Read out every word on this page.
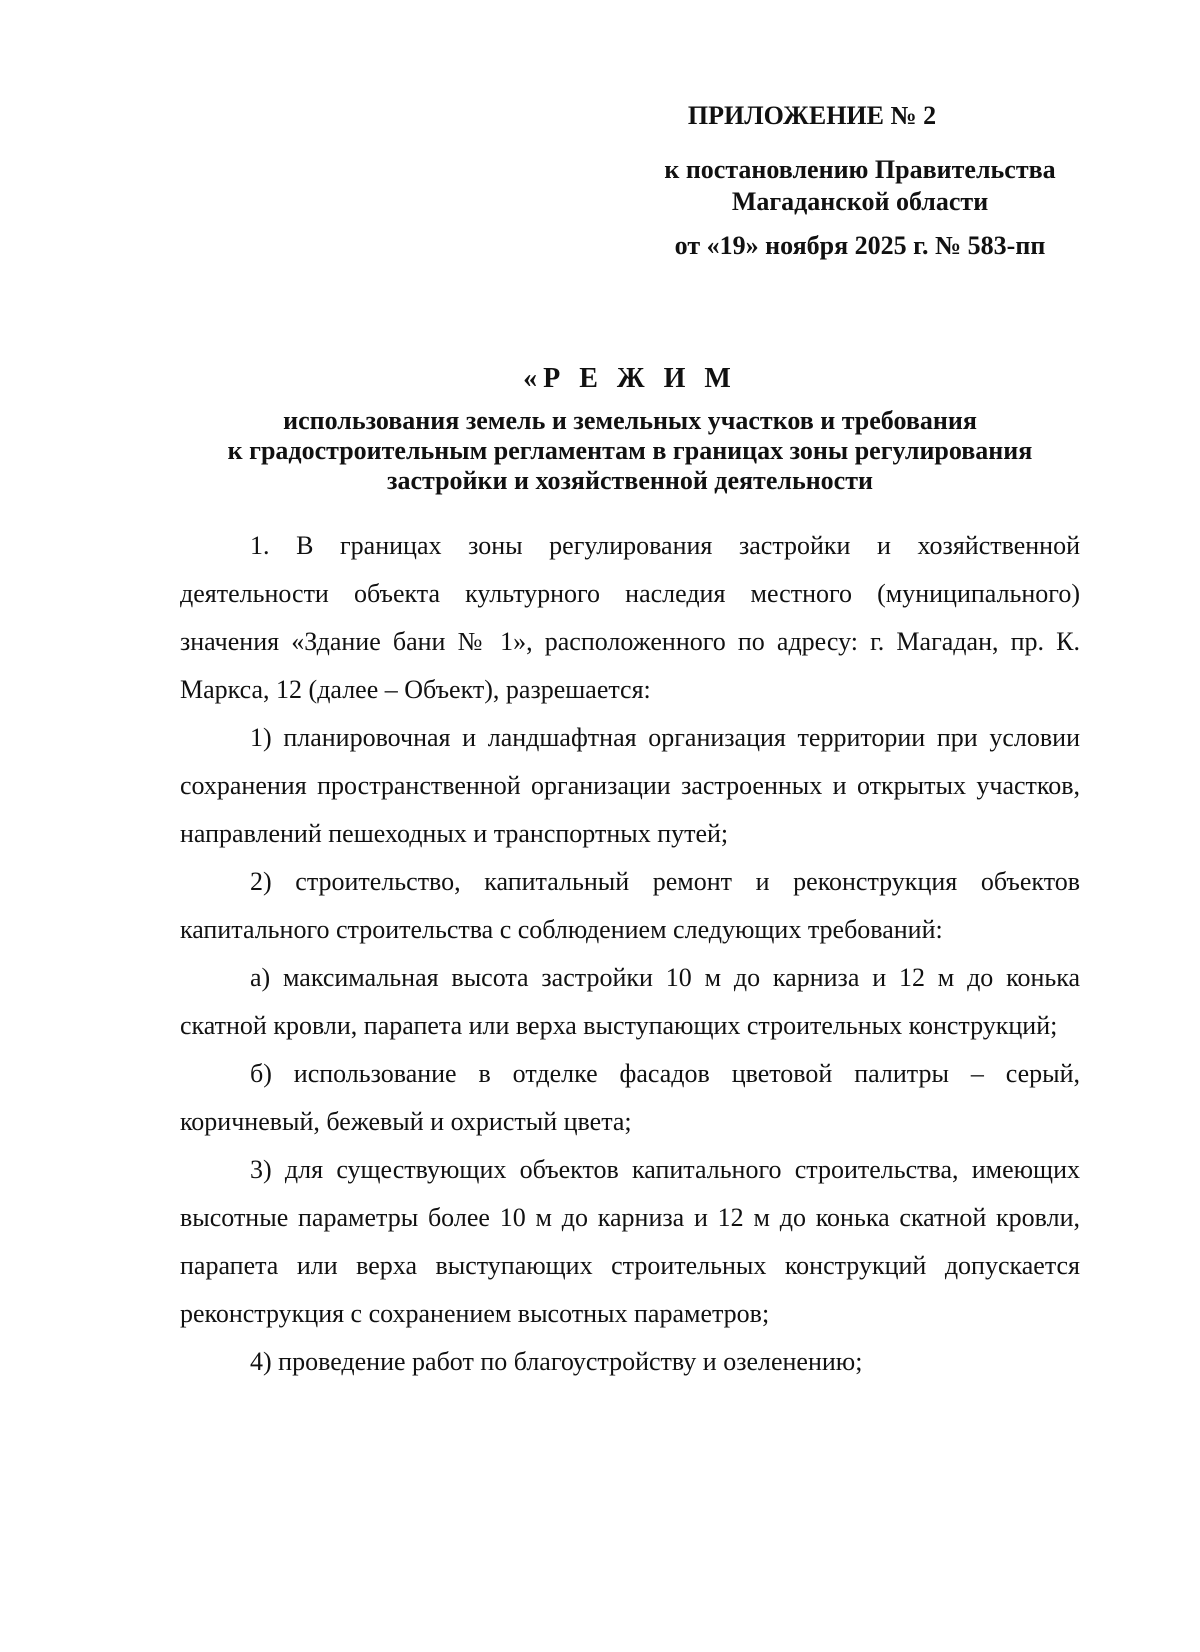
ПРИЛОЖЕНИЕ № 2
к постановлению Правительства
Магаданской области
от «19» ноября 2025 г. № 583-пп
«Р Е Ж И М
использования земель и земельных участков и требования
к градостроительным регламентам в границах зоны регулирования
застройки и хозяйственной деятельности

1. В границах зоны регулирования застройки и хозяйственной деятельности объекта культурного наследия местного (муниципального) значения «Здание бани № 1», расположенного по адресу: г. Магадан, пр. К. Маркса, 12 (далее – Объект), разрешается:

1) планировочная и ландшафтная организация территории при условии сохранения пространственной организации застроенных и открытых участков, направлений пешеходных и транспортных путей;

2) строительство, капитальный ремонт и реконструкция объектов капитального строительства с соблюдением следующих требований:

а) максимальная высота застройки 10 м до карниза и 12 м до конька скатной кровли, парапета или верха выступающих строительных конструкций;

б) использование в отделке фасадов цветовой палитры – серый, коричневый, бежевый и охристый цвета;

3) для существующих объектов капитального строительства, имеющих высотные параметры более 10 м до карниза и 12 м до конька скатной кровли, парапета или верха выступающих строительных конструкций допускается реконструкция с сохранением высотных параметров;

4) проведение работ по благоустройству и озеленению;
